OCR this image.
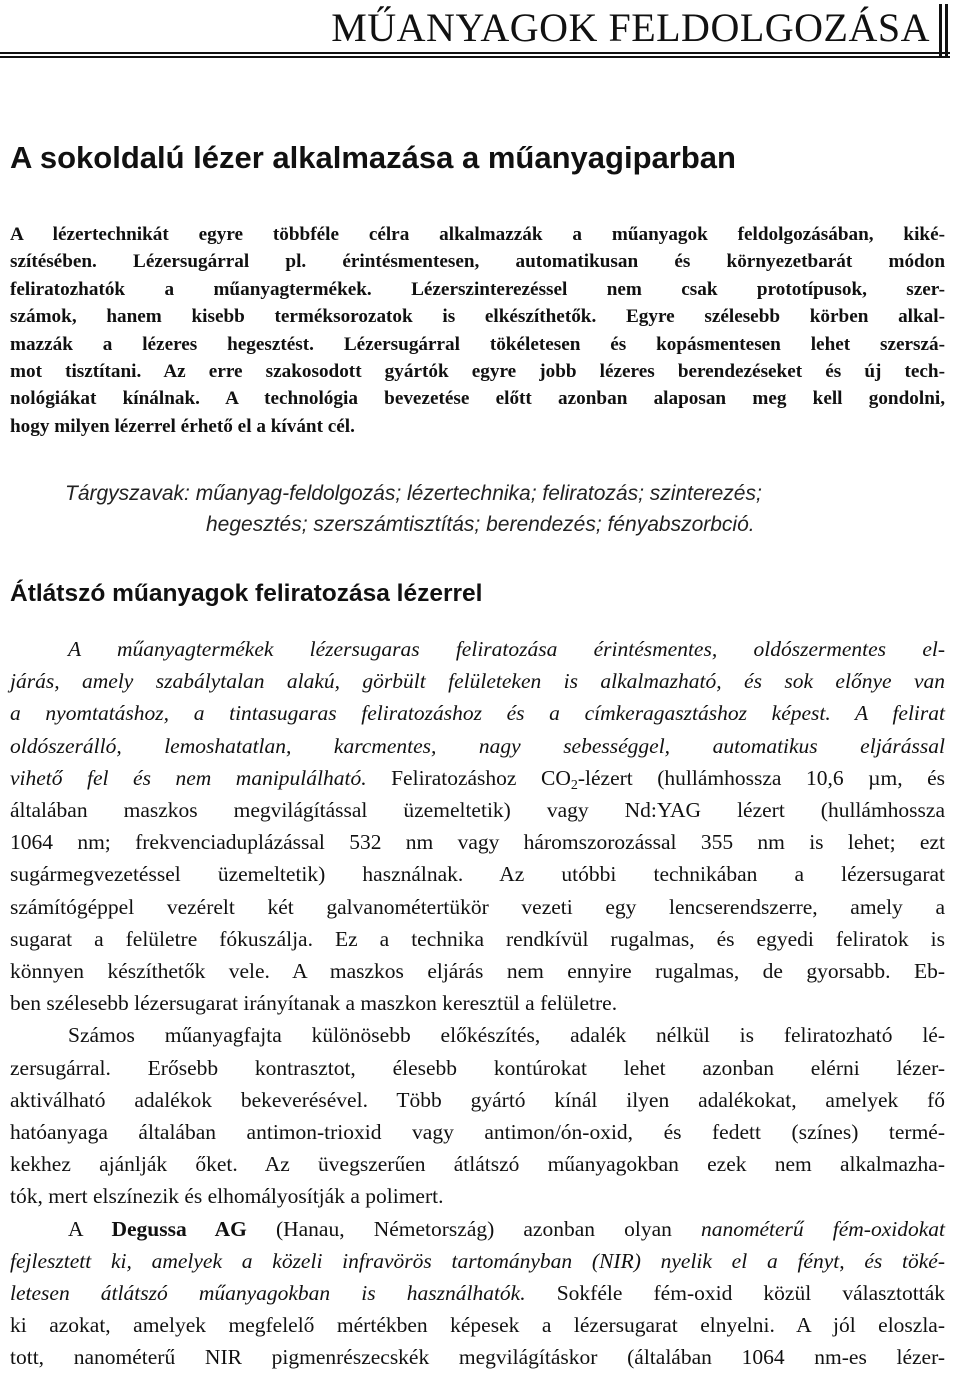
MŰANYAGOK FELDOLGOZÁSA
A sokoldalú lézer alkalmazása a műanyagiparban
A lézertechnikát egyre többféle célra alkalmazzák a műanyagok feldolgozásában, kiké-
szítésében. Lézersugárral pl. érintésmentesen, automatikusan és környezetbarát módon
feliratozhatók a műanyagtermékek. Lézerszinterezéssel nem csak prototípusok, szer-
számok, hanem kisebb terméksorozatok is elkészíthetők. Egyre szélesebb körben alkal-
mazzák a lézeres hegesztést. Lézersugárral tökéletesen és kopásmentesen lehet szerszá-
mot tisztítani. Az erre szakosodott gyártók egyre jobb lézeres berendezéseket és új tech-
nológiákat kínálnak. A technológia bevezetése előtt azonban alaposan meg kell gondolni,
hogy milyen lézerrel érhető el a kívánt cél.
Tárgyszavak: műanyag-feldolgozás; lézertechnika; feliratozás; szinterezés;
hegesztés; szerszámtisztítás; berendezés; fényabszorbció.
Átlátszó műanyagok feliratozása lézerrel
A műanyagtermékek lézersugaras feliratozása érintésmentes, oldószermentes el-
járás, amely szabálytalan alakú, görbült felületeken is alkalmazható, és sok előnye van
a nyomtatáshoz, a tintasugaras feliratozáshoz és a címkeragasztáshoz képest. A felirat
oldószerálló, lemoshatatlan, karcmentes, nagy sebességgel, automatikus eljárással
vihető fel és nem manipulálható. Feliratozáshoz $CO_2$-lézert (hullámhossza 10,6 µm, és
általában maszkos megvilágítással üzemeltetik) vagy Nd:YAG lézert (hullámhossza
1064 nm; frekvenciaduplázással 532 nm vagy háromszorozással 355 nm is lehet; ezt
sugármegvezetéssel üzemeltetik) használnak. Az utóbbi technikában a lézersugarat
számítógéppel vezérelt két galvanométertükör vezeti egy lencserendszerre, amely a
sugarat a felületre fókuszálja. Ez a technika rendkívül rugalmas, és egyedi feliratok is
könnyen készíthetők vele. A maszkos eljárás nem ennyire rugalmas, de gyorsabb. Eb-
ben szélesebb lézersugarat irányítanak a maszkon keresztül a felületre.
Számos műanyagfajta különösebb előkészítés, adalék nélkül is feliratozható lé-
zersugárral. Erősebb kontrasztot, élesebb kontúrokat lehet azonban elérni lézer-
aktiválható adalékok bekeverésével. Több gyártó kínál ilyen adalékokat, amelyek fő
hatóanyaga általában antimon-trioxid vagy antimon/ón-oxid, és fedett (színes) termé-
kekhez ajánlják őket. Az üvegszerűen átlátszó műanyagokban ezek nem alkalmazha-
tók, mert elszínezik és elhomályosítják a polimert.
A Degussa AG (Hanau, Németország) azonban olyan nanométerű fém-oxidokat
fejlesztett ki, amelyek a közeli infravörös tartományban (NIR) nyelik el a fényt, és töké-
letesen átlátszó műanyagokban is használhatók. Sokféle fém-oxid közül választották
ki azokat, amelyek megfelelő mértékben képesek a lézersugarat elnyelni. A jól eloszla-
tott, nanométerű NIR pigmenrészecskék megvilágításkor (általában 1064 nm-es lézer-
